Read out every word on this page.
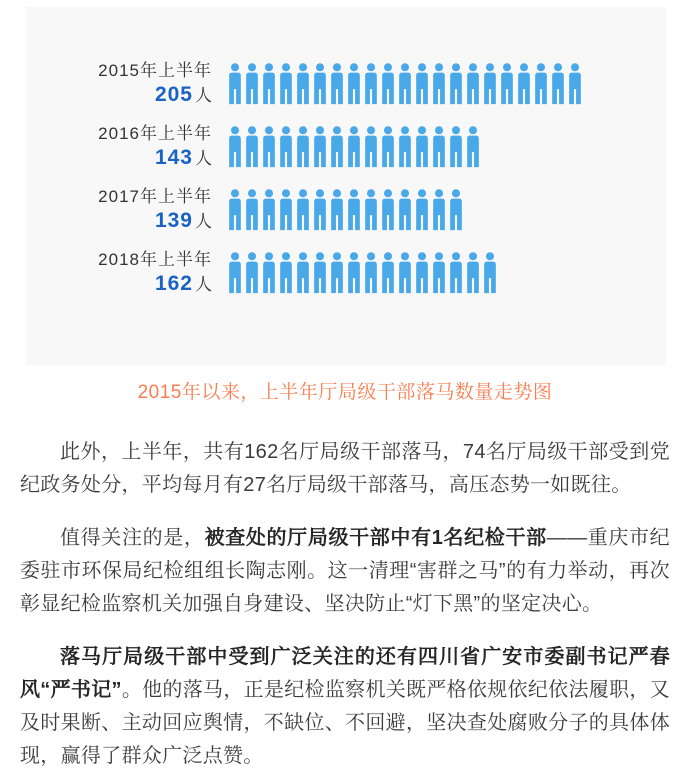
2015年上半年
205 人
2016年上半年
143 人
2017年上半年
139 人
2018年上半年
162 人
2015年以来，上半年厅局级干部落马数量走势图

此外，上半年，共有162名厅局级干部落马，74名厅局级干部受到党纪政务处分，平均每月有27名厅局级干部落马，高压态势一如既往。

值得关注的是，被查处的厅局级干部中有1名纪检干部——重庆市纪委驻市环保局纪检组组长陶志刚。这一清理“害群之马”的有力举动，再次彰显纪检监察机关加强自身建设、坚决防止“灯下黑”的坚定决心。

落马厅局级干部中受到广泛关注的还有四川省广安市委副书记严春风“严书记”。他的落马，正是纪检监察机关既严格依规依纪依法履职，又及时果断、主动回应舆情，不缺位、不回避，坚决查处腐败分子的具体体现，赢得了群众广泛点赞。
